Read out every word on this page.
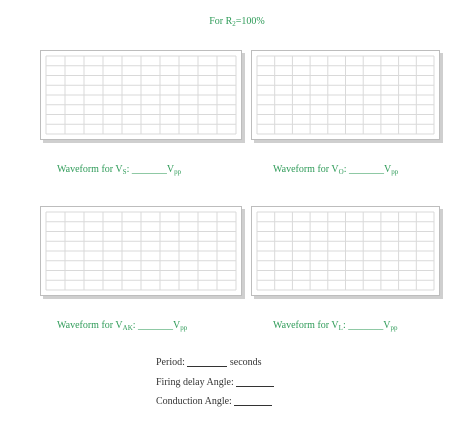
For $R_2=100\%$
Waveform for $V_S$: $\_\_\_\_\_\_\_V_{pp}$	Waveform for $V_O$: $\_\_\_\_\_\_\_V_{pp}$
Waveform for $V_{AK}$: $\_\_\_\_\_\_\_V_{pp}$	Waveform for $V_L$: $\_\_\_\_\_\_\_V_{pp}$
Period:	seconds
Firing delay Angle:
Conduction Angle:
